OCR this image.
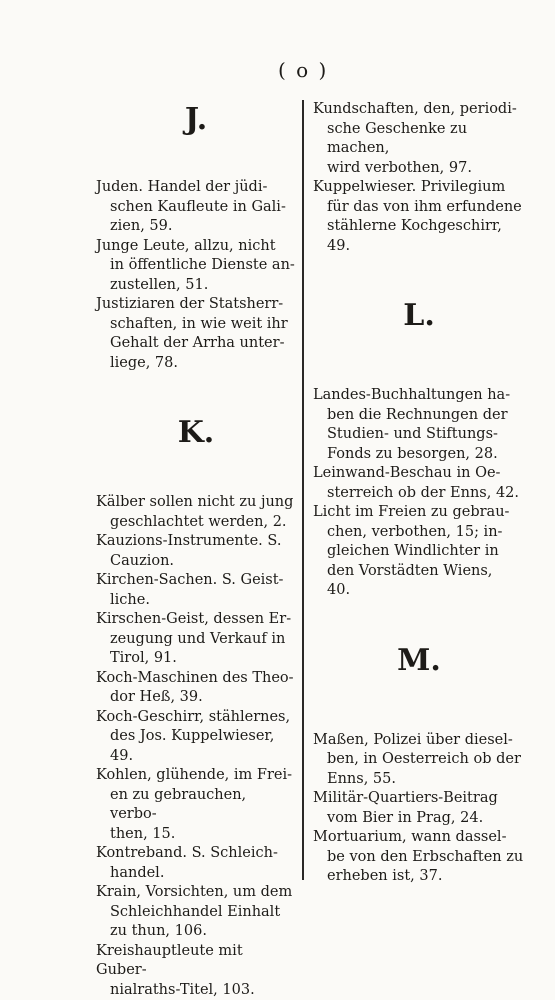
( o )

J.

Juden. Handel der jüdi-
schen Kaufleute in Gali-
zien, 59.

Junge Leute, allzu, nicht
in öffentliche Dienste an-
zustellen, 51.

Justiziaren der Statsherr-
schaften, in wie weit ihr
Gehalt der Arrha unter-
liege, 78.

K.

Kälber sollen nicht zu jung
geschlachtet werden, 2.

Kauzions-Instrumente. S.
Cauzion.

Kirchen-Sachen. S. Geist-
liche.

Kirschen-Geist, dessen Er-
zeugung und Verkauf in
Tirol, 91.

Koch-Maschinen des Theo-
dor Heß, 39.

Koch-Geschirr, stählernes,
des Jos. Kuppelwieser,
49.

Kohlen, glühende, im Frei-
en zu gebrauchen, verbo-
then, 15.

Kontreband. S. Schleich-
handel.

Krain, Vorsichten, um dem
Schleichhandel Einhalt
zu thun, 106.

Kreishauptleute mit Guber-
nialraths-Titel, 103.

Kundschaften, den, periodi-
sche Geschenke zu machen,
wird verbothen, 97.

Kuppelwieser. Privilegium
für das von ihm erfundene
stählerne Kochgeschirr, 49.

L.

Landes-Buchhaltungen ha-
ben die Rechnungen der
Studien- und Stiftungs-
Fonds zu besorgen, 28.

Leinwand-Beschau in Oe-
sterreich ob der Enns, 42.

Licht im Freien zu gebrau-
chen, verbothen, 15; in-
gleichen Windlichter in
den Vorstädten Wiens,
40.

M.

Maßen, Polizei über diesel-
ben, in Oesterreich ob der
Enns, 55.

Militär-Quartiers-Beitrag
vom Bier in Prag, 24.

Mortuarium, wann dassel-
be von den Erbschaften zu
erheben ist, 37.
